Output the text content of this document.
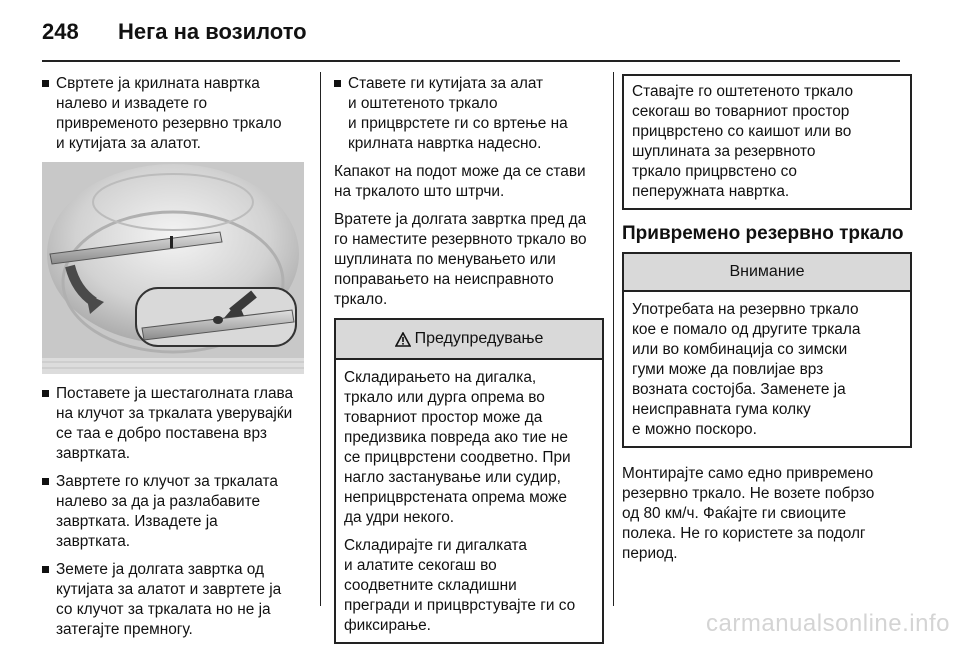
248 Нега на возилото
Свртете ја крилната навртка
налево и извадете го
привременото резервно тркало
и кутијата за алатот.
Поставете ја шестаголната глава
на клучот за тркалата уверувајќи
се таа е добро поставена врз
завртката.
Завртете го клучот за тркалата
налево за да ја разлабавите
завртката. Извадете ја
завртката.
Земете ја долгата завртка од
кутијата за алатот и завртете ја
со клучот за тркалата но не ја
затегајте премногу.
Ставете ги кутијата за алат
и оштетеното тркало
и прицврстете ги со вртење на
крилната навртка надесно.
Капакот на подот може да се стави
на тркалото што штрчи.
Вратете ја долгата завртка пред да
го наместите резервното тркало во
шуплината по менувањето или
поправањето на неисправното
тркало.
Предупредување
Складирањето на дигалка,
тркало или дурга опрема во
товарниот простор може да
предизвика повреда ако тие не
се прицврстени соодветно. При
нагло застанување или судир,
неприцврстената опрема може
да удри некого.
Складирајте ги дигалката
и алатите секогаш во
соодветните складишни
прегради и прицврстувајте ги со
фиксирање.
Ставајте го оштетеното тркало
секогаш во товарниот простор
прицврстено со каишот или во
шуплината за резервното
тркало прицрвстено со
пеперужната навртка.
Привремено резервно тркало
Внимание
Употребата на резервно тркало
кое е помало од другите тркала
или во комбинација со зимски
гуми може да повлијае врз
возната состојба. Заменете ја
неисправната гума колку
е можно поскоро.
Монтирајте само едно привремено
резервно тркало. Не возете побрзо
од 80 км/ч. Фаќајте ги свиоците
полека. Не го користете за подолг
период.
carmanualsonline.info
